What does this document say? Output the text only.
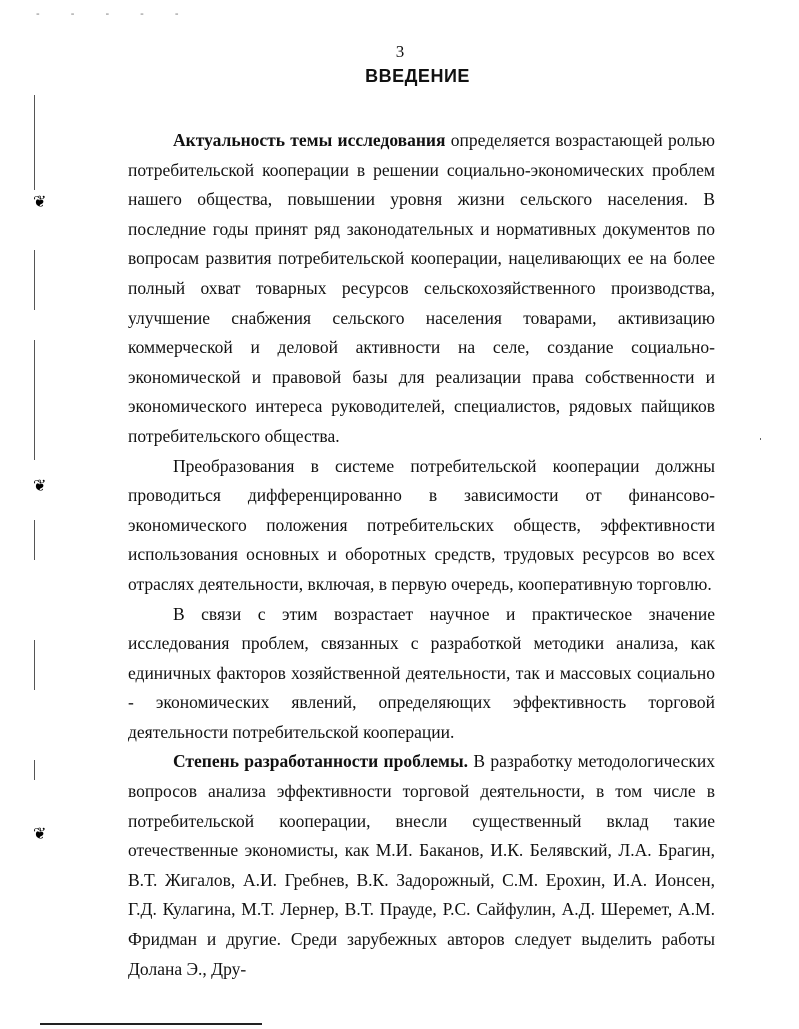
- - - - -
❦
❦
❦
3
ВВЕДЕНИЕ

Актуальность темы исследования определяется возрастающей ролью потребительской кооперации в решении социально-экономических проблем нашего общества, повышении уровня жизни сельского населения. В последние годы принят ряд законодательных и нормативных документов по вопросам развития потребительской кооперации, нацеливающих ее на более полный охват товарных ресурсов сельскохозяйственного производства, улучшение снабжения сельского населения товарами, активизацию коммерческой и деловой активности на селе, создание социально-экономической и правовой базы для реализации права собственности и экономического интереса руководителей, специалистов, рядовых пайщиков потребительского общества.

Преобразования в системе потребительской кооперации должны проводиться дифференцированно в зависимости от финансово-экономического положения потребительских обществ, эффективности использования основных и оборотных средств, трудовых ресурсов во всех отраслях деятельности, включая, в первую очередь, кооперативную торговлю.

В связи с этим возрастает научное и практическое значение исследования проблем, связанных с разработкой методики анализа, как единичных факторов хозяйственной деятельности, так и массовых социально - экономических явлений, определяющих эффективность торговой деятельности потребительской кооперации.

Степень разработанности проблемы. В разработку методологических вопросов анализа эффективности торговой деятельности, в том числе в потребительской кооперации, внесли существенный вклад такие отечественные экономисты, как М.И. Баканов, И.К. Белявский, Л.А. Брагин, В.Т. Жигалов, А.И. Гребнев, В.К. Задорожный, С.М. Ерохин, И.А. Ионсен, Г.Д. Кулагина, М.Т. Лернер, В.Т. Прауде, Р.С. Сайфулин, А.Д. Шеремет, А.М. Фридман и другие. Среди зарубежных авторов следует выделить работы Долана Э., Дру-
